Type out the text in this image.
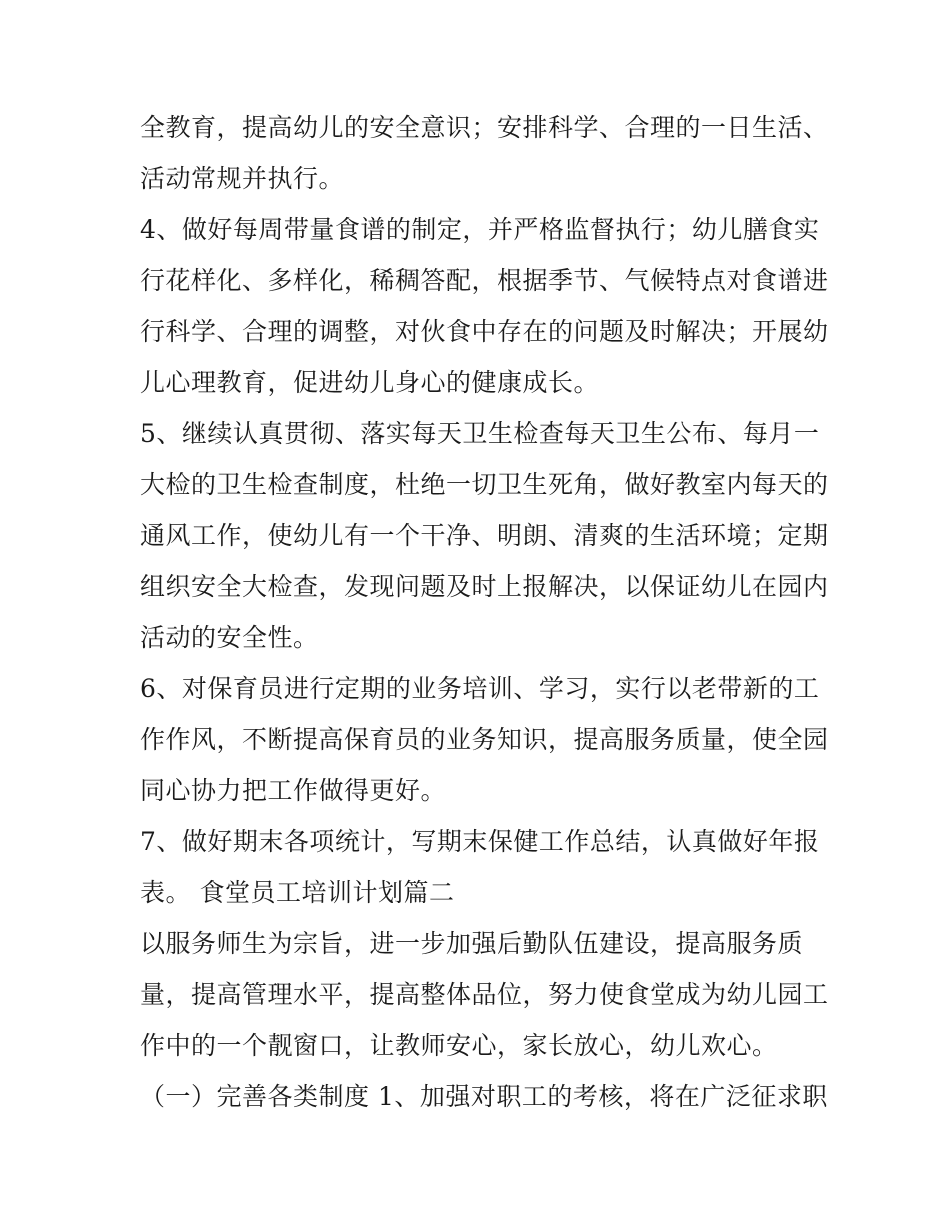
全教育，提高幼儿的安全意识；安排科学、合理的一日生活、
活动常规并执行。
4、做好每周带量食谱的制定，并严格监督执行；幼儿膳食实
行花样化、多样化，稀稠答配，根据季节、气候特点对食谱进
行科学、合理的调整，对伙食中存在的问题及时解决；开展幼
儿心理教育，促进幼儿身心的健康成长。
5、继续认真贯彻、落实每天卫生检查每天卫生公布、每月一
大检的卫生检查制度，杜绝一切卫生死角，做好教室内每天的
通风工作，使幼儿有一个干净、明朗、清爽的生活环境；定期
组织安全大检查，发现问题及时上报解决，以保证幼儿在园内
活动的安全性。
6、对保育员进行定期的业务培训、学习，实行以老带新的工
作作风，不断提高保育员的业务知识，提高服务质量，使全园
同心协力把工作做得更好。
7、做好期末各项统计，写期末保健工作总结，认真做好年报
表。 食堂员工培训计划篇二
以服务师生为宗旨，进一步加强后勤队伍建设，提高服务质
量，提高管理水平，提高整体品位，努力使食堂成为幼儿园工
作中的一个靓窗口，让教师安心，家长放心，幼儿欢心。
（一）完善各类制度 1、加强对职工的考核，将在广泛征求职
